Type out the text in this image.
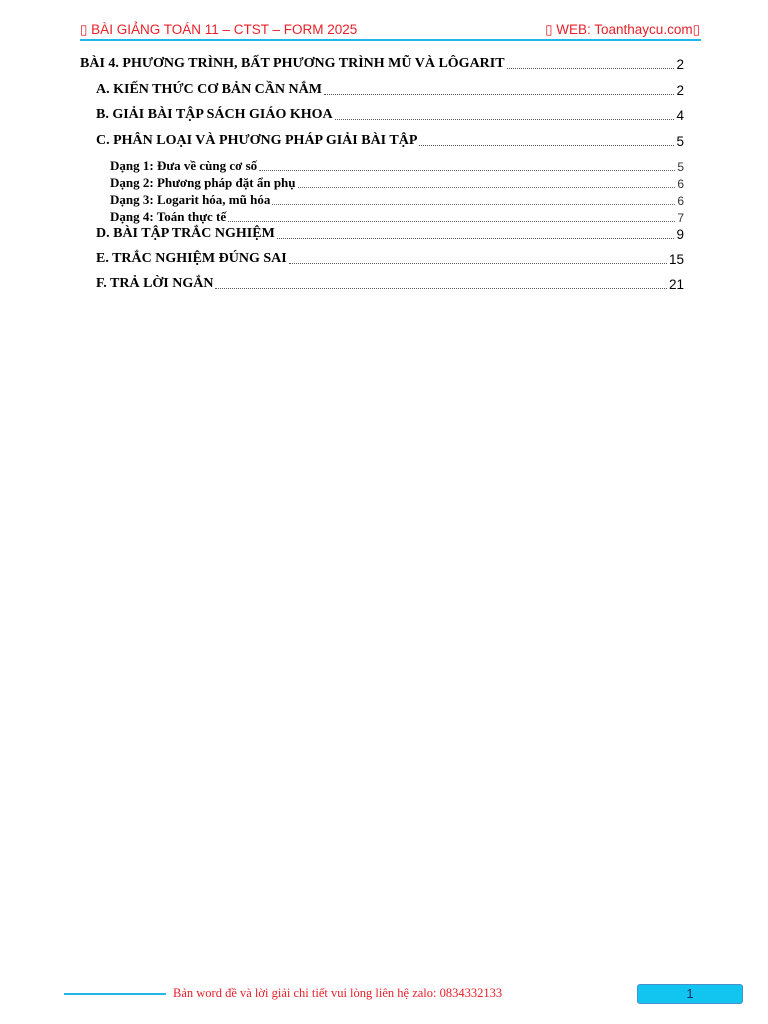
▯ BÀI GIẢNG TOÁN 11 – CTST – FORM 2025	▯ WEB: Toanthaycu.com▯
BÀI 4. PHƯƠNG TRÌNH, BẤT PHƯƠNG TRÌNH MŨ VÀ LÔGARIT	2
A. KIẾN THỨC CƠ BẢN CẦN NẮM	2
B. GIẢI BÀI TẬP SÁCH GIÁO KHOA	4
C. PHÂN LOẠI VÀ PHƯƠNG PHÁP GIẢI BÀI TẬP	5
Dạng 1: Đưa về cùng cơ số	5
Dạng 2: Phương pháp đặt ẩn phụ	6
Dạng 3: Logarit hóa, mũ hóa	6
Dạng 4: Toán thực tế	7
D. BÀI TẬP TRẮC NGHIỆM	9
E. TRẮC NGHIỆM ĐÚNG SAI	15
F. TRẢ LỜI NGẮN	21
Bản word đề và lời giải chi tiết vui lòng liên hệ zalo: 0834332133	1
